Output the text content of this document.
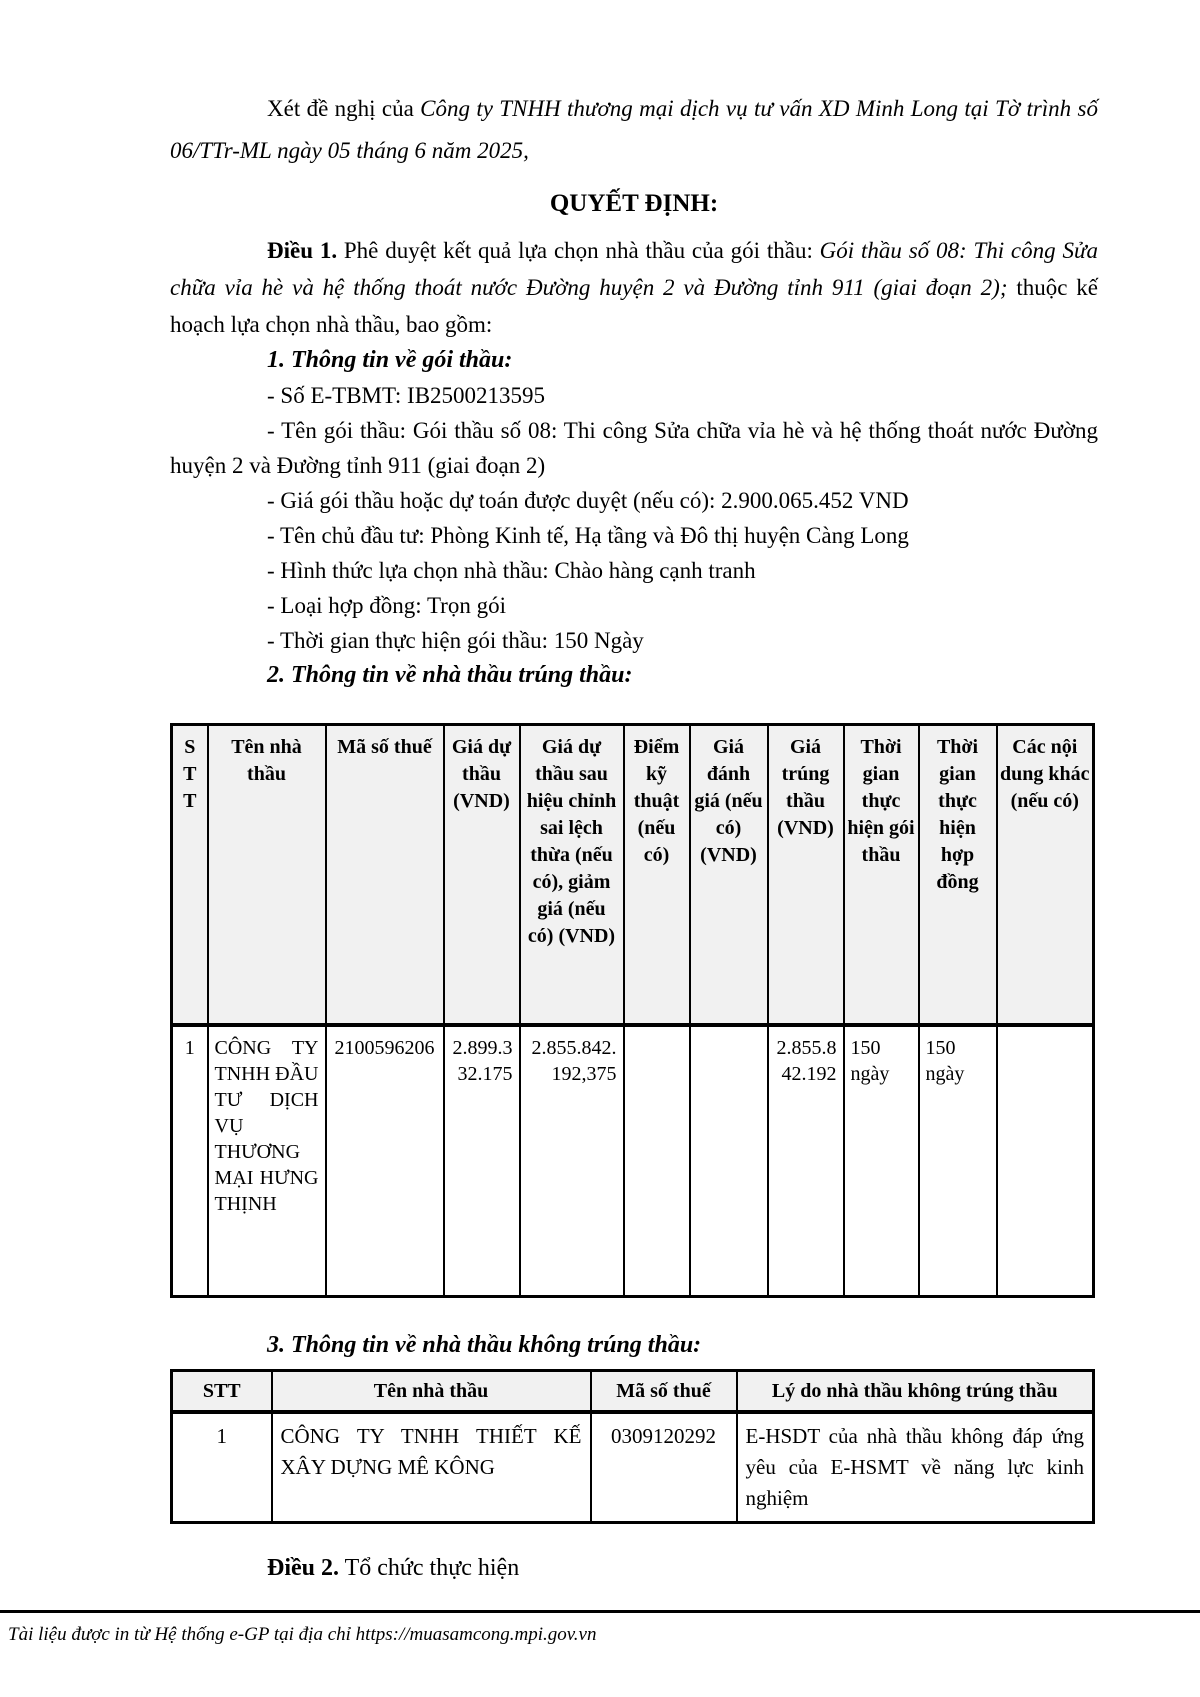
Xét đề nghị của Công ty TNHH thương mại dịch vụ tư vấn XD Minh Long tại Tờ trình số 06/TTr-ML ngày 05 tháng 6 năm 2025,

QUYẾT ĐỊNH:

Điều 1. Phê duyệt kết quả lựa chọn nhà thầu của gói thầu: Gói thầu số 08: Thi công Sửa chữa vỉa hè và hệ thống thoát nước Đường huyện 2 và Đường tỉnh 911 (giai đoạn 2); thuộc kế hoạch lựa chọn nhà thầu, bao gồm:

1. Thông tin về gói thầu:

- Số E-TBMT: IB2500213595

- Tên gói thầu: Gói thầu số 08: Thi công Sửa chữa vỉa hè và hệ thống thoát nước Đường huyện 2 và Đường tỉnh 911 (giai đoạn 2)

- Giá gói thầu hoặc dự toán được duyệt (nếu có): 2.900.065.452 VND

- Tên chủ đầu tư: Phòng Kinh tế, Hạ tầng và Đô thị huyện Càng Long

- Hình thức lựa chọn nhà thầu: Chào hàng cạnh tranh

- Loại hợp đồng: Trọn gói

- Thời gian thực hiện gói thầu: 150 Ngày

2. Thông tin về nhà thầu trúng thầu:
STT	Tên nhà thầu	Mã số thuế	Giá dự thầu (VND)	Giá dự thầu sau hiệu chỉnh sai lệch thừa (nếu có), giảm giá (nếu có) (VND)	Điểm kỹ thuật (nếu có)	Giá đánh giá (nếu có) (VND)	Giá trúng thầu (VND)	Thời gian thực hiện gói thầu	Thời gian thực hiện hợp đồng	Các nội dung khác (nếu có)
1	CÔNG TY TNHH ĐẦU TƯ DỊCH VỤ THƯƠNG MẠI HƯNG THỊNH	2100596206	2.899.332.175	2.855.842.192,375			2.855.842.192	150 ngày	150 ngày	
3. Thông tin về nhà thầu không trúng thầu:
STT	Tên nhà thầu	Mã số thuế	Lý do nhà thầu không trúng thầu
1	CÔNG TY TNHH THIẾT KẾ XÂY DỰNG MÊ KÔNG	0309120292	E-HSDT của nhà thầu không đáp ứng yêu của E-HSMT về năng lực kinh nghiệm

Điều 2. Tổ chức thực hiện

Tài liệu được in từ Hệ thống e-GP tại địa chỉ https://muasamcong.mpi.gov.vn
